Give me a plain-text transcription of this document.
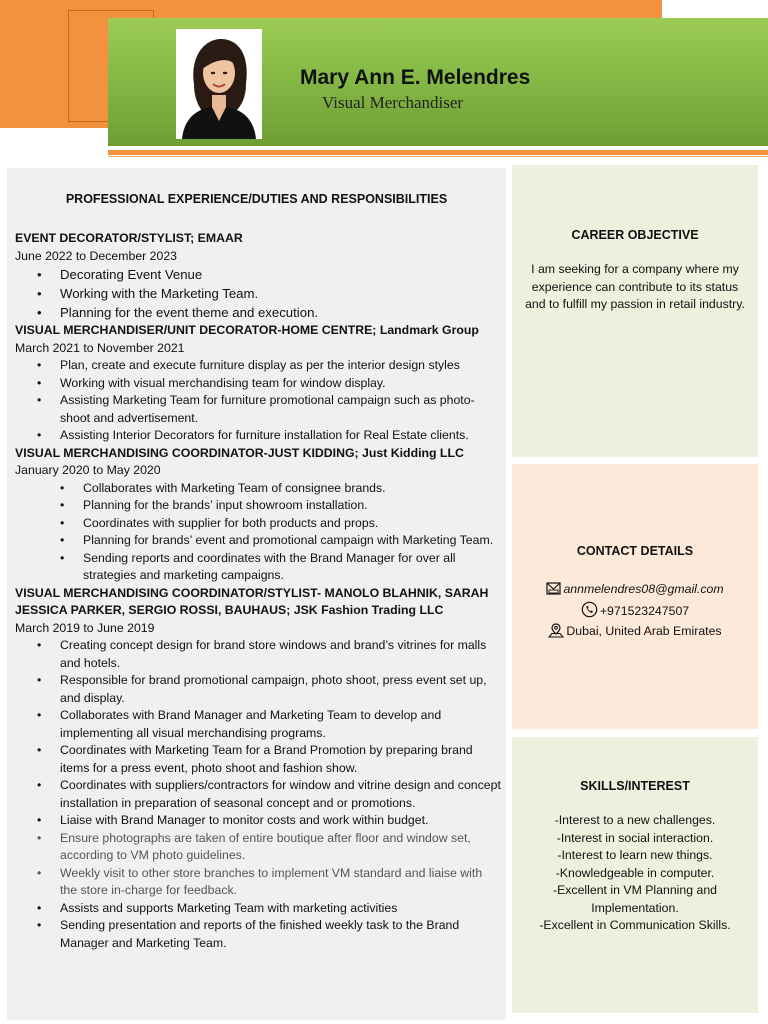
Mary Ann E. Melendres
Visual Merchandiser
PROFESSIONAL EXPERIENCE/DUTIES AND RESPONSIBILITIES
EVENT DECORATOR/STYLIST; EMAAR
June 2022 to December 2023
• Decorating Event Venue
• Working with the Marketing Team.
• Planning for the event theme and execution.
VISUAL MERCHANDISER/UNIT DECORATOR-HOME CENTRE; Landmark Group
March 2021 to November 2021
• Plan, create and execute furniture display as per the interior design styles
• Working with visual merchandising team for window display.
• Assisting Marketing Team for furniture promotional campaign such as photo-shoot and advertisement.
• Assisting Interior Decorators for furniture installation for Real Estate clients.
VISUAL MERCHANDISING COORDINATOR-JUST KIDDING; Just Kidding LLC
January 2020 to May 2020
• Collaborates with Marketing Team of consignee brands.
• Planning for the brands’ input showroom installation.
• Coordinates with supplier for both products and props.
• Planning for brands’ event and promotional campaign with Marketing Team.
• Sending reports and coordinates with the Brand Manager for over all strategies and marketing campaigns.
VISUAL MERCHANDISING COORDINATOR/STYLIST- MANOLO BLAHNIK, SARAH JESSICA PARKER, SERGIO ROSSI, BAUHAUS; JSK Fashion Trading LLC
March 2019 to June 2019
• Creating concept design for brand store windows and brand’s vitrines for malls and hotels.
• Responsible for brand promotional campaign, photo shoot, press event set up, and display.
• Collaborates with Brand Manager and Marketing Team to develop and implementing all visual merchandising programs.
• Coordinates with Marketing Team for a Brand Promotion by preparing brand items for a press event, photo shoot and fashion show.
• Coordinates with suppliers/contractors for window and vitrine design and concept installation in preparation of seasonal concept and or promotions.
• Liaise with Brand Manager to monitor costs and work within budget.
• Ensure photographs are taken of entire boutique after floor and window set, according to VM photo guidelines.
• Weekly visit to other store branches to implement VM standard and liaise with the store in-charge for feedback.
• Assists and supports Marketing Team with marketing activities
• Sending presentation and reports of the finished weekly task to the Brand Manager and Marketing Team.
CAREER OBJECTIVE
I am seeking for a company where my experience can contribute to its status and to fulfill my passion in retail industry.
CONTACT DETAILS
annmelendres08@gmail.com
+971523247507
Dubai, United Arab Emirates
SKILLS/INTEREST
-Interest to a new challenges.
-Interest in social interaction.
-Interest to learn new things.
-Knowledgeable in computer.
-Excellent in VM Planning and Implementation.
-Excellent in Communication Skills.
